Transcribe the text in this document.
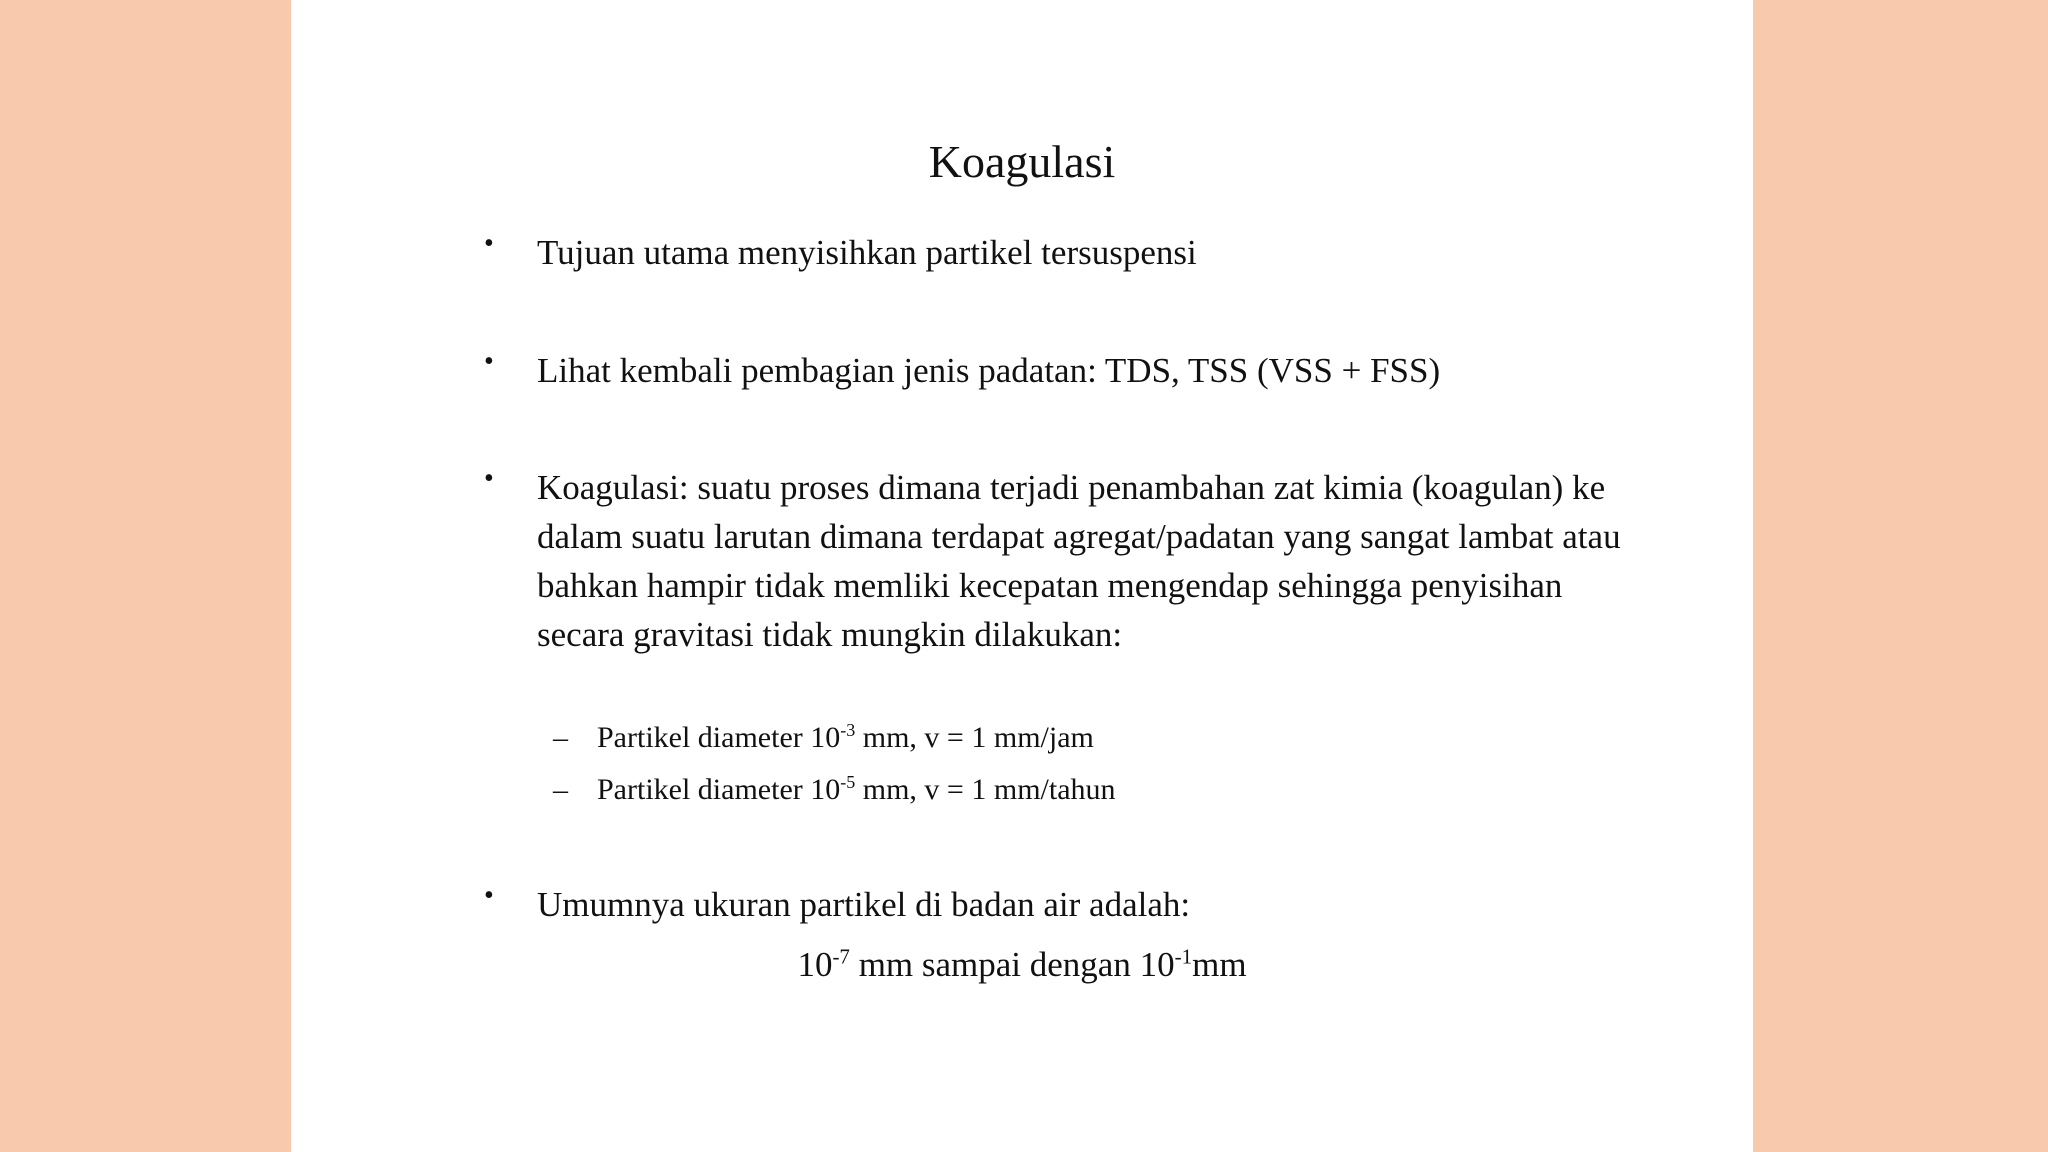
Koagulasi
• Tujuan utama menyisihkan partikel tersuspensi
• Lihat kembali pembagian jenis padatan: TDS, TSS (VSS + FSS)
• Koagulasi: suatu proses dimana terjadi penambahan zat kimia (koagulan) ke dalam suatu larutan dimana terdapat agregat/padatan yang sangat lambat atau bahkan hampir tidak memliki kecepatan mengendap sehingga penyisihan secara gravitasi tidak mungkin dilakukan:
– Partikel diameter $10^{-3}$ mm, v = 1 mm/jam
– Partikel diameter $10^{-5}$ mm, v = 1 mm/tahun
• Umumnya ukuran partikel di badan air adalah:
$10^{-7}$ mm sampai dengan $10^{-1}mm$
